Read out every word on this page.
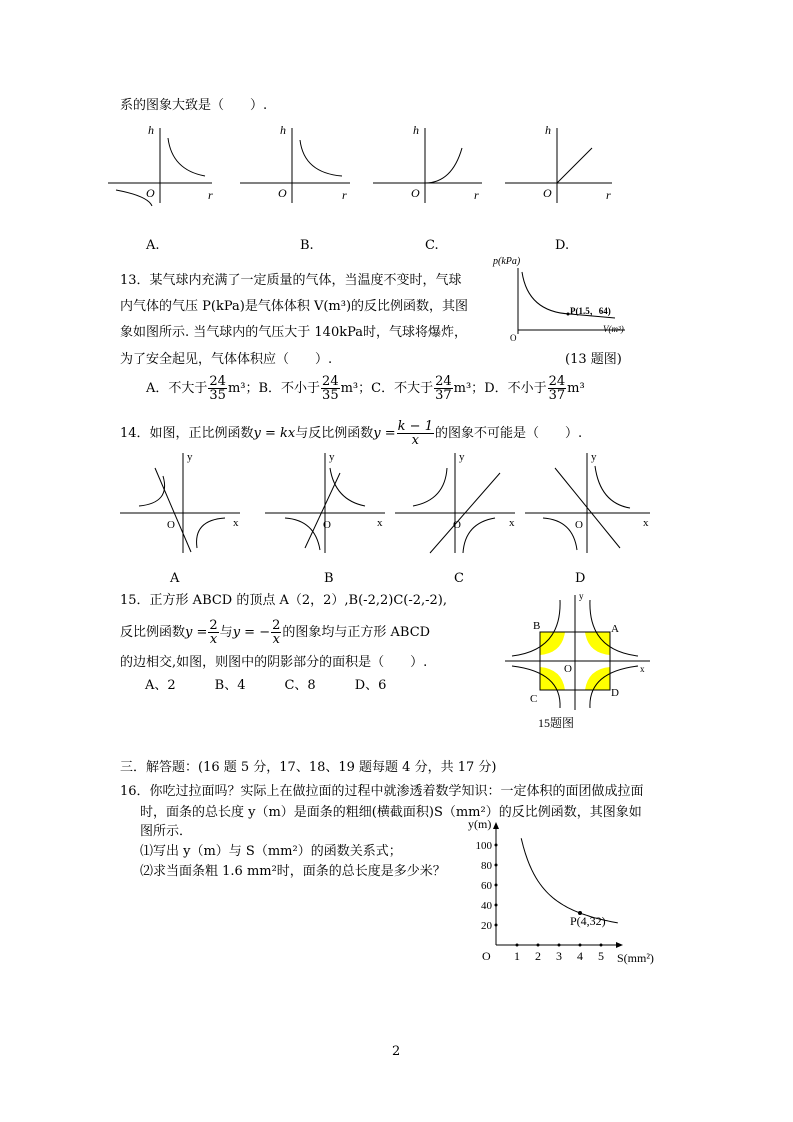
系的图象大致是（　　）.
h
O	r
h
O	r
h
O	r
h
O	r
A.	B.	C.	D.
13．某气球内充满了一定质量的气体，当温度不变时，气球
内气体的气压 P(kPa)是气体体积 V(m³)的反比例函数，其图
象如图所示. 当气球内的气压大于 140kPa时，气球将爆炸，
为了安全起见，气体体积应（　　）.	(13 题图)
p(kPa)
V(m³)
O
P(1.5，64)
A．不大于 $\frac{24}{35} m^3$；B．不小于 $\frac{24}{35} m^3$；C．不大于 $\frac{24}{37} m^3$；D．不小于 $\frac{24}{37} m^3$
14．如图，正比例函数y = kx与反比例函数$y = \frac{k - 1}{x}$ 的图象不可能是（　　）.
y
O	x
y
O	x
y
O	x
y
O	x
A	B	C	D
15．正方形 ABCD 的顶点 A（2，2）,B(-2,2)C(-2,-2),
反比例函数$y = \frac{2}{x}$ 与y = − $\frac{2}{x}$ 的图象均与正方形 ABCD
的边相交,如图，则图中的阴影部分的面积是（　　）.
A、2　　　B、4　　　C、8　　　D、6
B	A
C	D
O	x
y
15题图
三．解答题：(16 题 5 分，17、18、19 题每题 4 分，共 17 分)
16．你吃过拉面吗？实际上在做拉面的过程中就渗透着数学知识：一定体积的面团做成拉面
时，面条的总长度 y（m）是面条的粗细(横截面积)S（mm²）的反比例函数，其图象如
图所示．
⑴写出 y（m）与 S（mm²）的函数关系式；
⑵求当面条粗 1.6 mm²时，面条的总长度是多少米？
100
80
60
40
20
1 2 3 4 5
y(m)
O	S(mm²)
P(4,32)
2
